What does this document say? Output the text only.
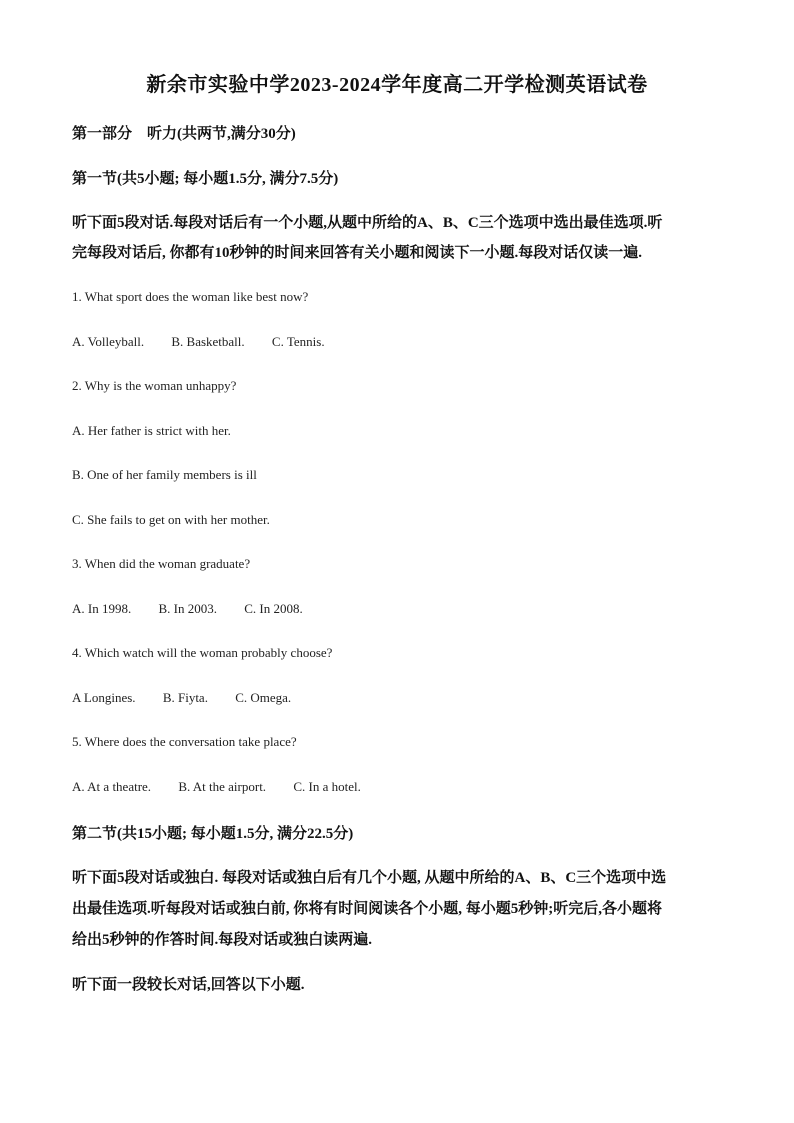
新余市实验中学2023-2024学年度高二开学检测英语试卷
第一部分　听力(共两节,满分30分)
第一节(共5小题; 每小题1.5分, 满分7.5分)
听下面5段对话.每段对话后有一个小题,从题中所给的A、B、C三个选项中选出最佳选项.听
完每段对话后, 你都有10秒钟的时间来回答有关小题和阅读下一小题.每段对话仅读一遍.
1. What sport does the woman like best now?
A. Volleyball. B. Basketball. C. Tennis.
2. Why is the woman unhappy?
A. Her father is strict with her.
B. One of her family members is ill
C. She fails to get on with her mother.
3. When did the woman graduate?
A. In 1998. B. In 2003. C. In 2008.
4. Which watch will the woman probably choose?
A Longines. B. Fiyta. C. Omega.
5. Where does the conversation take place?
A. At a theatre. B. At the airport. C. In a hotel.
第二节(共15小题; 每小题1.5分, 满分22.5分)
听下面5段对话或独白. 每段对话或独白后有几个小题, 从题中所给的A、B、C三个选项中选
出最佳选项.听每段对话或独白前, 你将有时间阅读各个小题, 每小题5秒钟;听完后,各小题将
给出5秒钟的作答时间.每段对话或独白读两遍.
听下面一段较长对话,回答以下小题.
